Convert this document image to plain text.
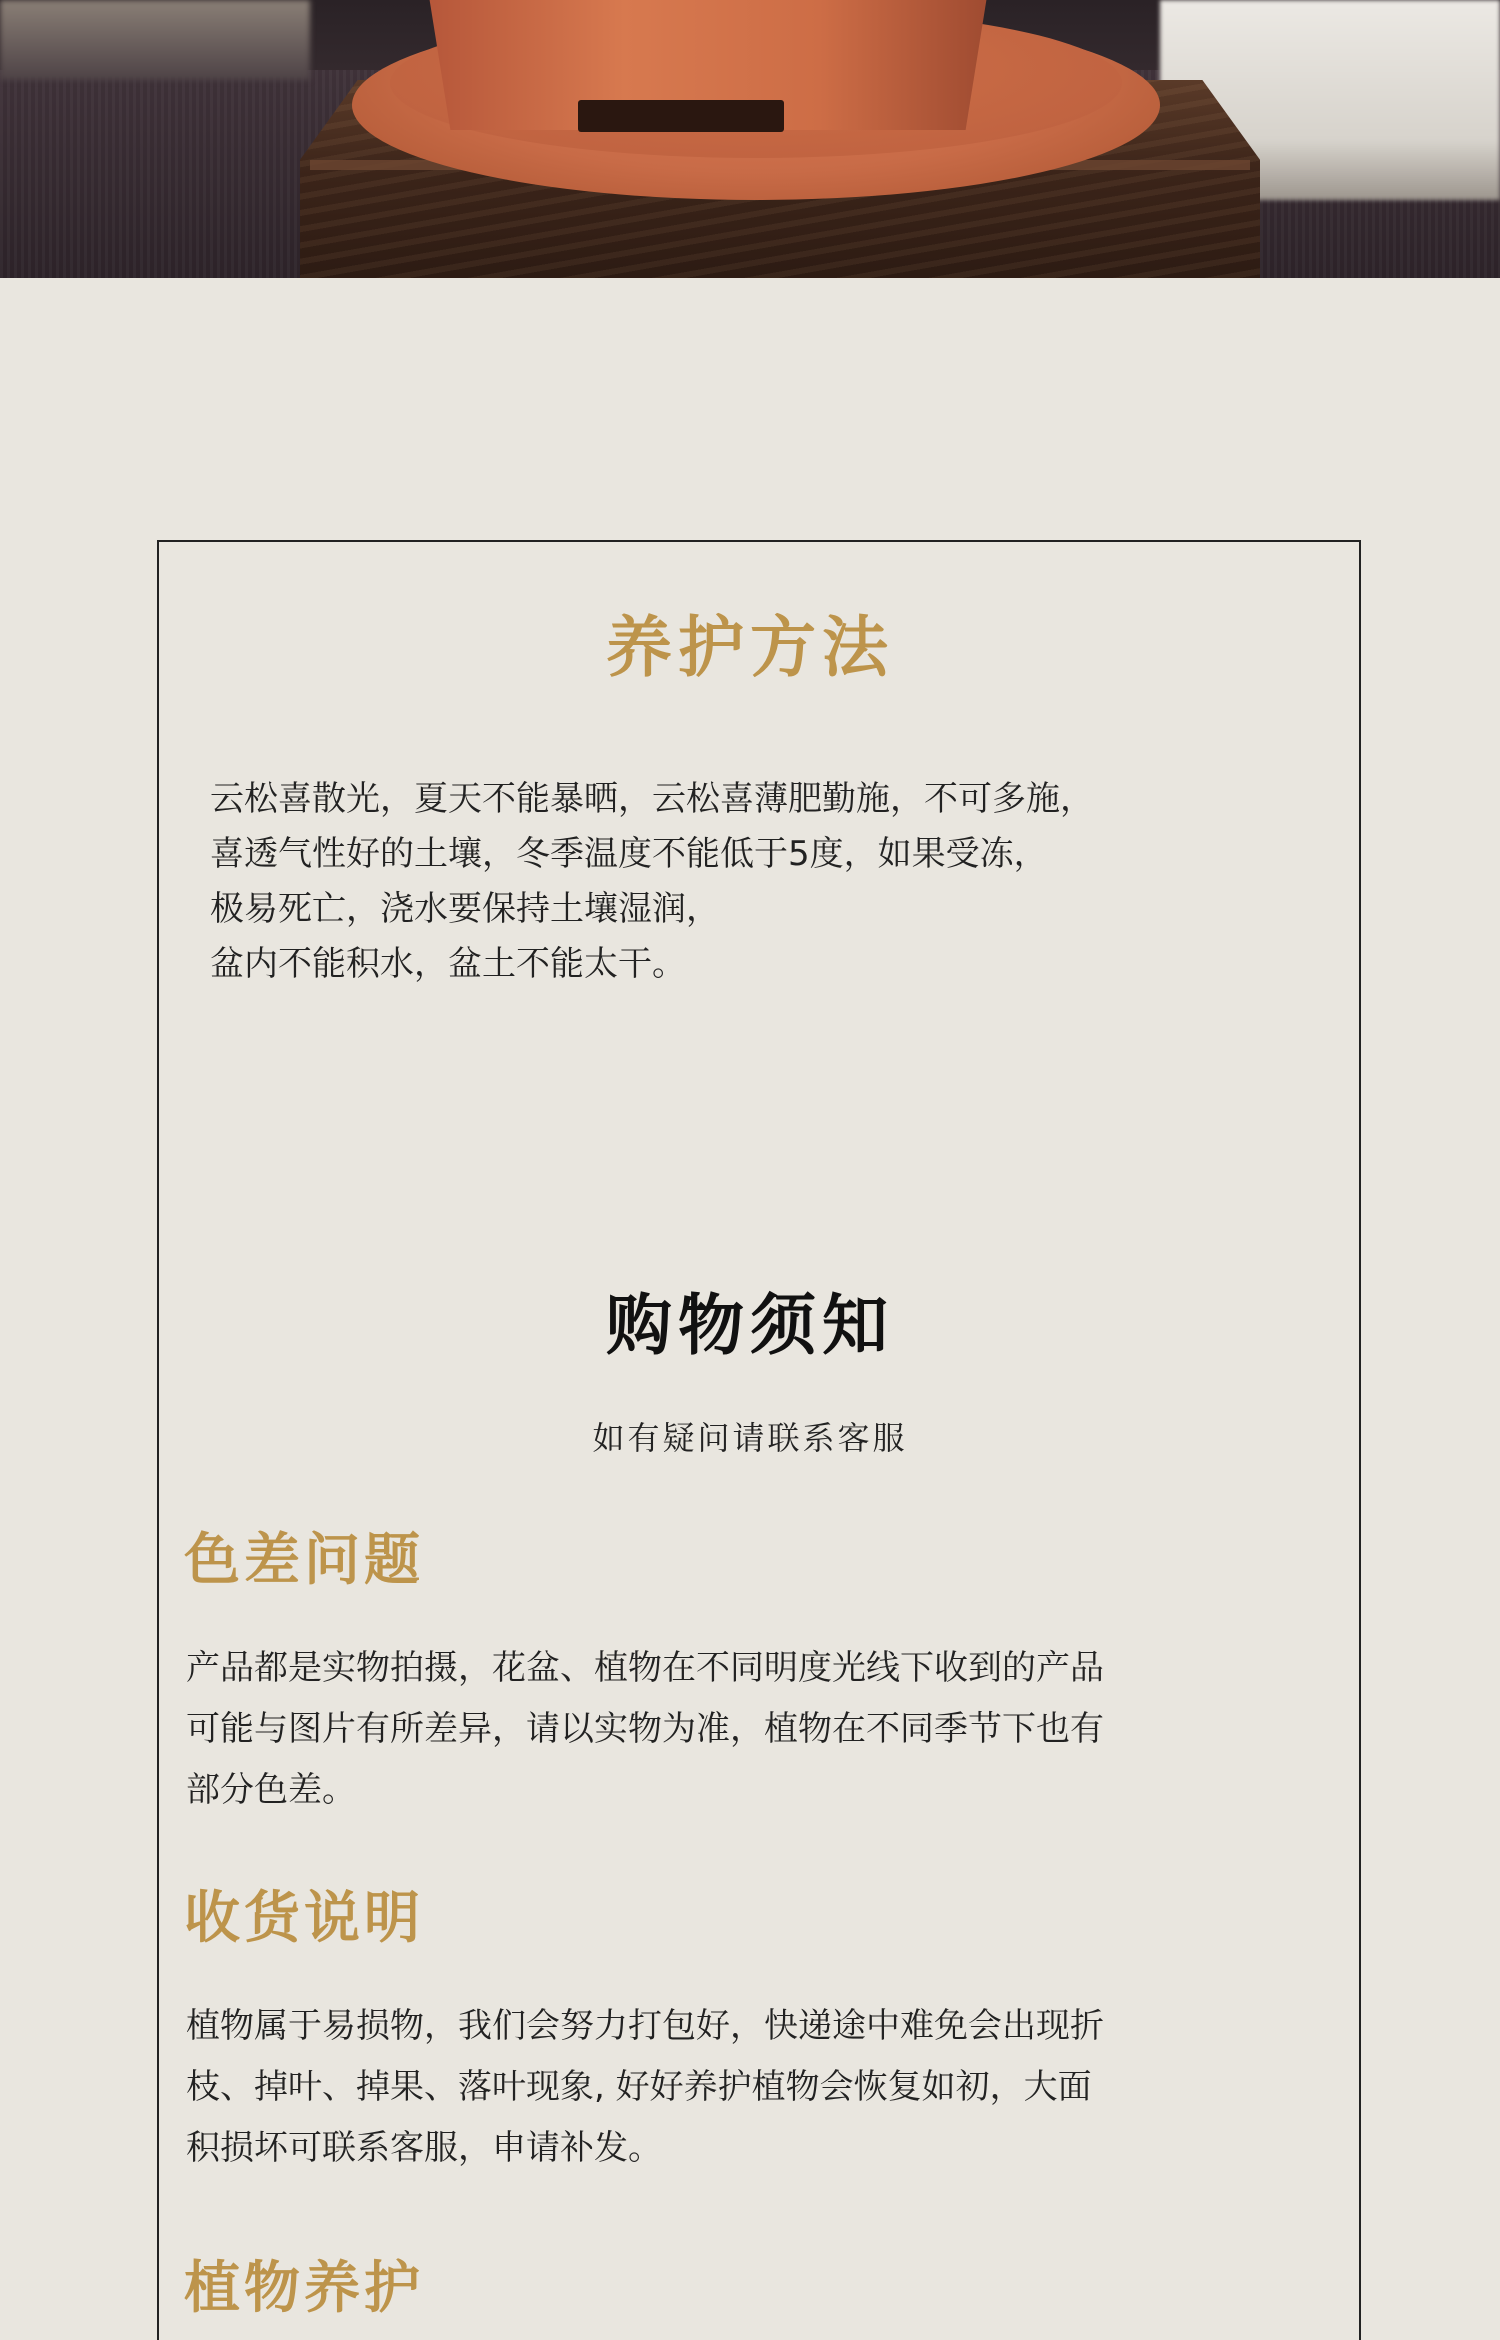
养护方法

云松喜散光，夏天不能暴晒，云松喜薄肥勤施，不可多施，
喜透气性好的土壤，冬季温度不能低于5度，如果受冻，
极易死亡，浇水要保持土壤湿润，
盆内不能积水，盆土不能太干。

购物须知

如有疑问请联系客服

色差问题

产品都是实物拍摄，花盆、植物在不同明度光线下收到的产品
可能与图片有所差异，请以实物为准，植物在不同季节下也有
部分色差。

收货说明

植物属于易损物，我们会努力打包好，快递途中难免会出现折
枝、掉叶、掉果、落叶现象, 好好养护植物会恢复如初，大面
积损坏可联系客服，申请补发。

植物养护
